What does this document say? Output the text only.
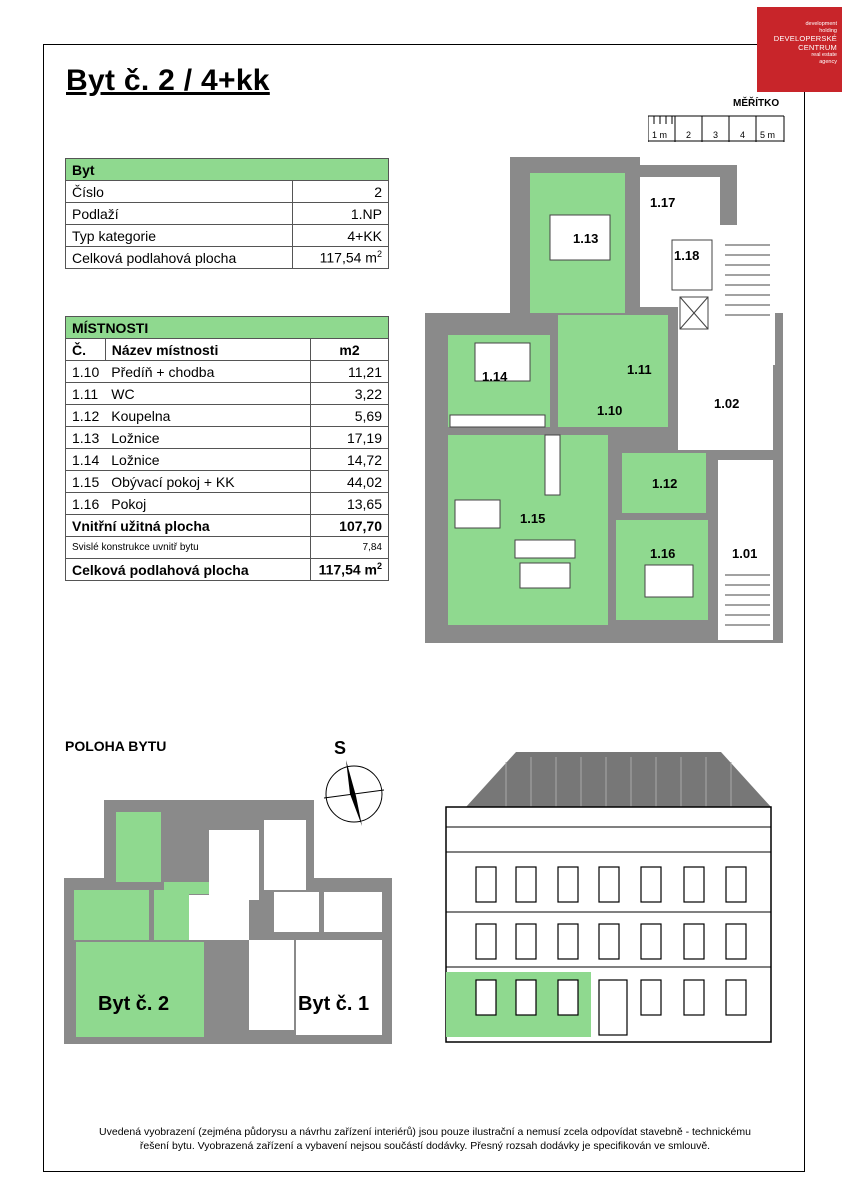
development
holding
DEVELOPERSKÉ
CENTRUM
real estate
agency
Byt č. 2 / 4+kk
MĚŘÍTKO
1 m 2 3 4 5 m
Byt	
Číslo	2
Podlaží	1.NP
Typ kategorie	4+KK
Celková podlahová plocha	117,54 $m^2$
MÍSTNOSTI		
Č.	Název místnosti	m2
1.10	Předíň + chodba	11,21
1.11	WC	3,22
1.12	Koupelna	5,69
1.13	Ložnice	17,19
1.14	Ložnice	14,72
1.15	Obývací pokoj + KK	44,02
1.16	Pokoj	13,65
Vnitřní užitná plocha		107,70
Svislé konstrukce uvnitř bytu		7,84
Celková podlahová plocha		117,54 $m^2$
1.13
1.17
1.18
1.14	1.11
1.10	1.02
1.15
1.12
1.16	1.01
POLOHA BYTU	S
Byt č. 2	Byt č. 1
Uvedená vyobrazení (zejména půdorysu a návrhu zařízení interiérů) jsou pouze ilustrační a nemusí zcela odpovídat stavebně - technickému
řešení bytu. Vyobrazená zařízení a vybavení nejsou součástí dodávky. Přesný rozsah dodávky je specifikován ve smlouvě.
